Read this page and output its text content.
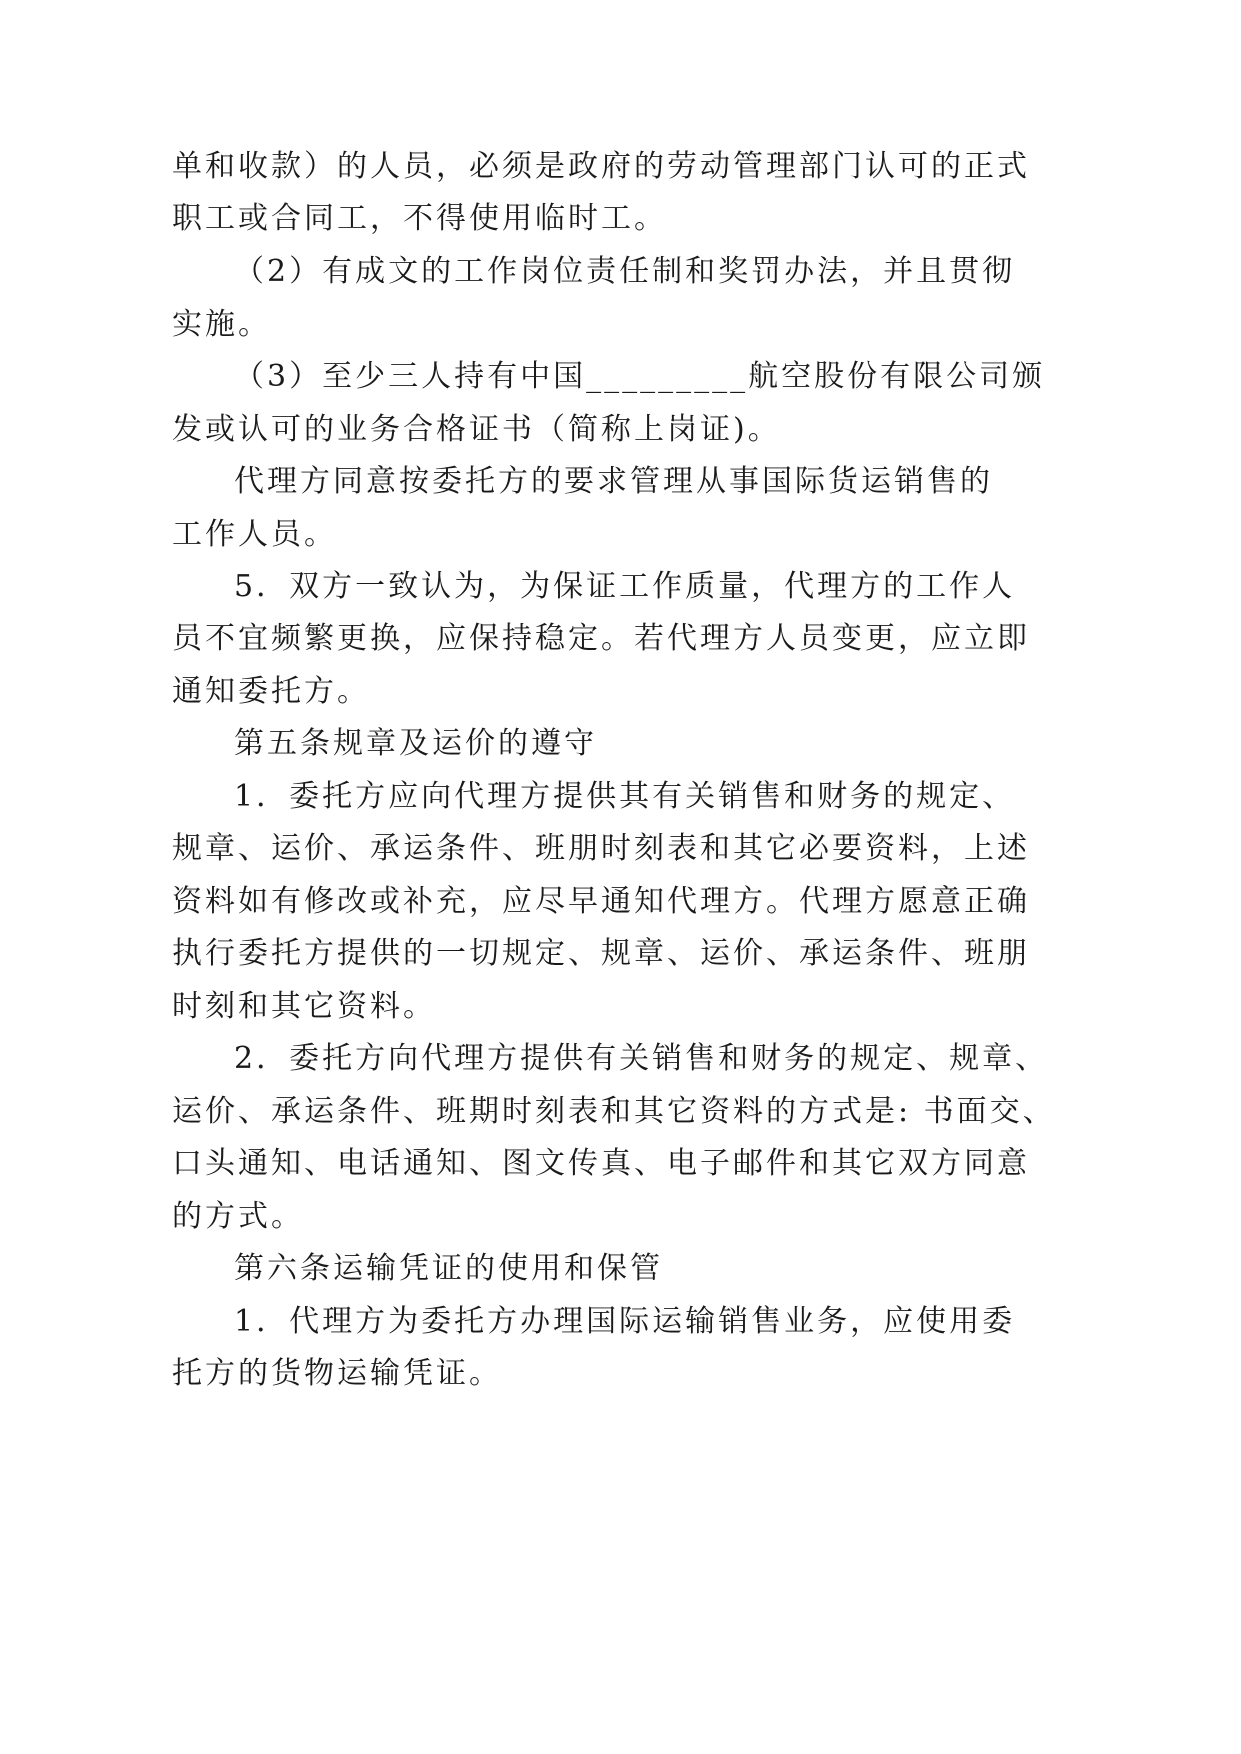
单和收款）的人员，必须是政府的劳动管理部门认可的正式
职工或合同工，不得使用临时工。
（2）有成文的工作岗位责任制和奖罚办法，并且贯彻
实施。
（3）至少三人持有中国_________航空股份有限公司颁
发或认可的业务合格证书（简称上岗证)。
代理方同意按委托方的要求管理从事国际货运销售的
工作人员。
5．双方一致认为，为保证工作质量，代理方的工作人
员不宜频繁更换，应保持稳定。若代理方人员变更，应立即
通知委托方。
第五条规章及运价的遵守
1．委托方应向代理方提供其有关销售和财务的规定、
规章、运价、承运条件、班朋时刻表和其它必要资料，上述
资料如有修改或补充，应尽早通知代理方。代理方愿意正确
执行委托方提供的一切规定、规章、运价、承运条件、班朋
时刻和其它资料。
2．委托方向代理方提供有关销售和财务的规定、规章、
运价、承运条件、班期时刻表和其它资料的方式是: 书面交、
口头通知、电话通知、图文传真、电子邮件和其它双方同意
的方式。
第六条运输凭证的使用和保管
1．代理方为委托方办理国际运输销售业务，应使用委
托方的货物运输凭证。
